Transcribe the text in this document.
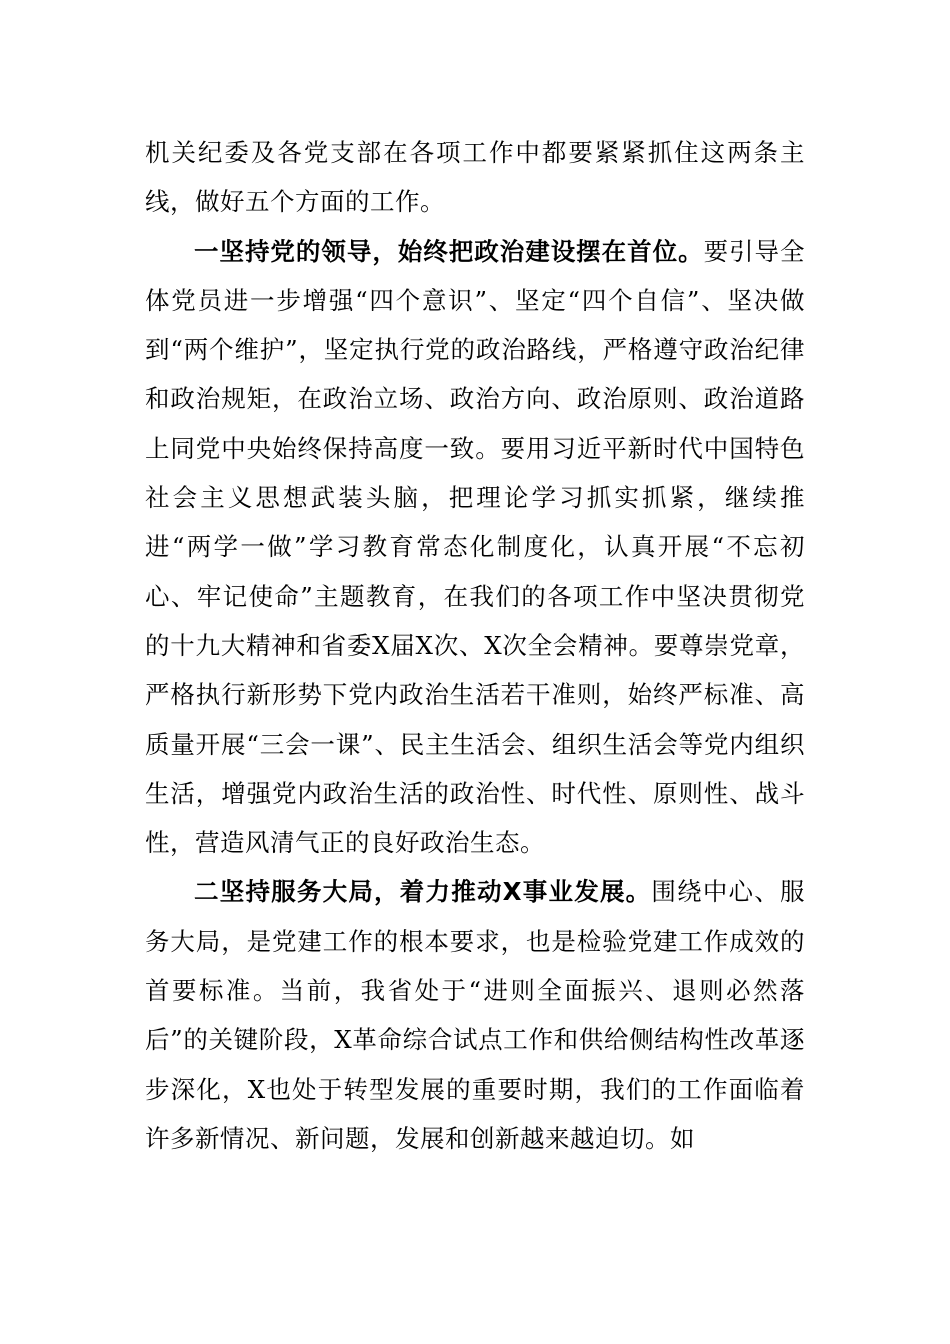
机关纪委及各党支部在各项工作中都要紧紧抓住这两条主线，做好五个方面的工作。

一坚持党的领导，始终把政治建设摆在首位。要引导全体党员进一步增强“四个意识”、坚定“四个自信”、坚决做到“两个维护”，坚定执行党的政治路线，严格遵守政治纪律和政治规矩，在政治立场、政治方向、政治原则、政治道路上同党中央始终保持高度一致。要用习近平新时代中国特色社会主义思想武装头脑，把理论学习抓实抓紧，继续推进“两学一做”学习教育常态化制度化，认真开展“不忘初心、牢记使命”主题教育，在我们的各项工作中坚决贯彻党的十九大精神和省委X届X次、X次全会精神。要尊崇党章，严格执行新形势下党内政治生活若干准则，始终严标准、高质量开展“三会一课”、民主生活会、组织生活会等党内组织生活，增强党内政治生活的政治性、时代性、原则性、战斗性，营造风清气正的良好政治生态。

二坚持服务大局，着力推动X事业发展。围绕中心、服务大局，是党建工作的根本要求，也是检验党建工作成效的首要标准。当前，我省处于“进则全面振兴、退则必然落后”的关键阶段，X革命综合试点工作和供给侧结构性改革逐步深化，X也处于转型发展的重要时期，我们的工作面临着许多新情况、新问题，发展和创新越来越迫切。如
